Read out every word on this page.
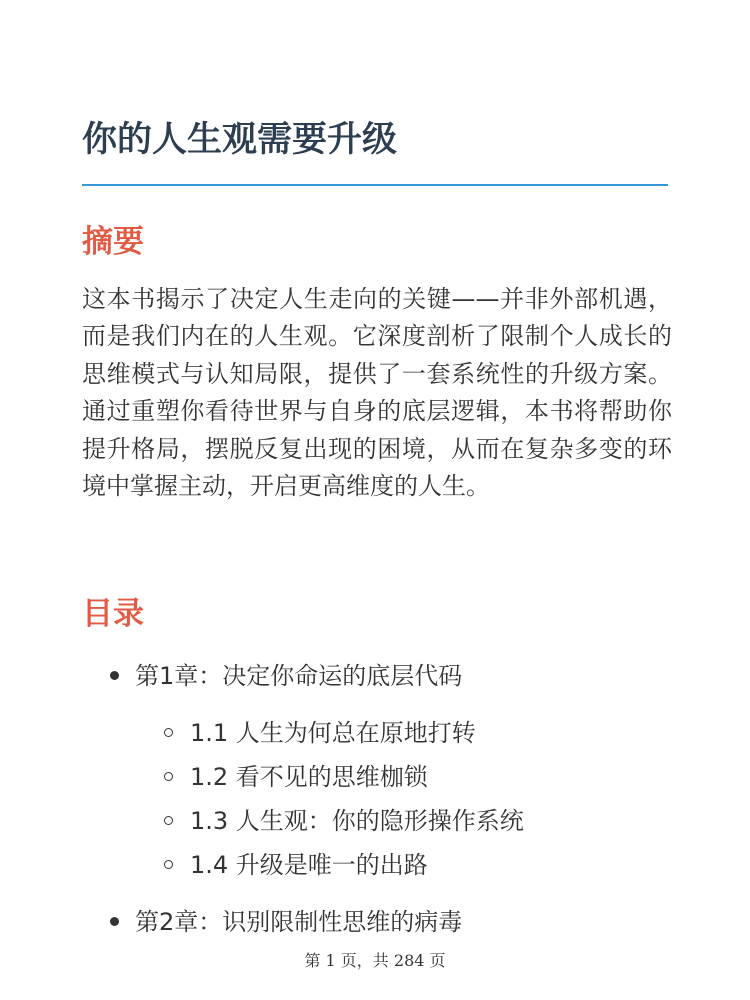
你的人生观需要升级
摘要

这本书揭示了决定人生走向的关键——并非外部机遇，而是我们内在的人生观。它深度剖析了限制个人成长的思维模式与认知局限，提供了一套系统性的升级方案。通过重塑你看待世界与自身的底层逻辑，本书将帮助你提升格局，摆脱反复出现的困境，从而在复杂多变的环境中掌握主动，开启更高维度的人生。

目录
第1章：决定你命运的底层代码
1.1 人生为何总在原地打转
1.2 看不见的思维枷锁
1.3 人生观：你的隐形操作系统
1.4 升级是唯一的出路
第2章：识别限制性思维的病毒
第 1 页，共 284 页
